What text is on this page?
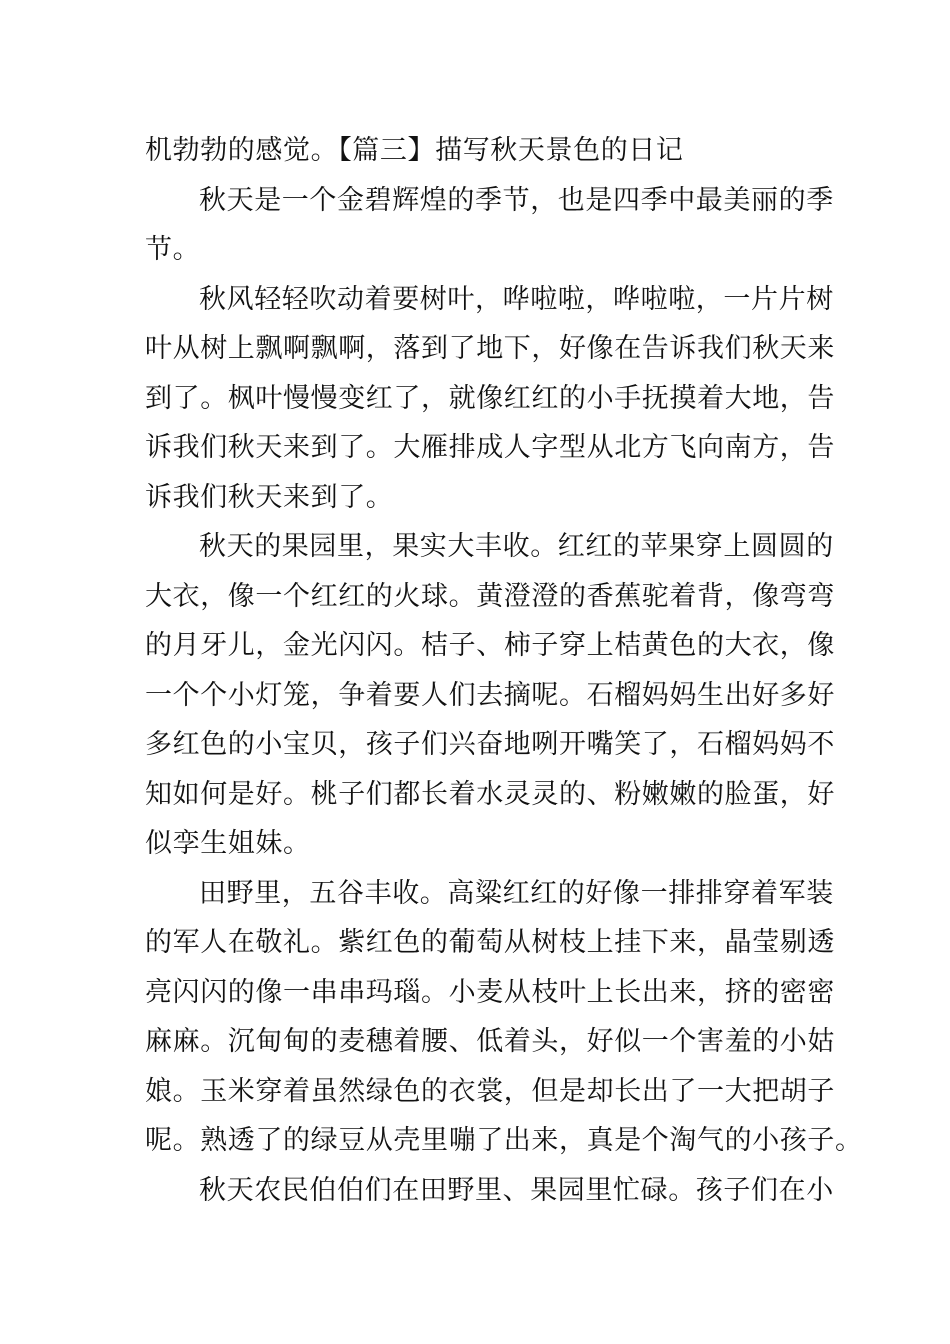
机勃勃的感觉。【篇三】描写秋天景色的日记
秋天是一个金碧辉煌的季节，也是四季中最美丽的季
节。
秋风轻轻吹动着要树叶，哗啦啦，哗啦啦，一片片树
叶从树上飘啊飘啊，落到了地下，好像在告诉我们秋天来
到了。枫叶慢慢变红了，就像红红的小手抚摸着大地，告
诉我们秋天来到了。大雁排成人字型从北方飞向南方，告
诉我们秋天来到了。
秋天的果园里，果实大丰收。红红的苹果穿上圆圆的
大衣，像一个红红的火球。黄澄澄的香蕉驼着背，像弯弯
的月牙儿，金光闪闪。桔子、柿子穿上桔黄色的大衣，像
一个个小灯笼，争着要人们去摘呢。石榴妈妈生出好多好
多红色的小宝贝，孩子们兴奋地咧开嘴笑了，石榴妈妈不
知如何是好。桃子们都长着水灵灵的、粉嫩嫩的脸蛋，好
似孪生姐妹。
田野里，五谷丰收。高粱红红的好像一排排穿着军装
的军人在敬礼。紫红色的葡萄从树枝上挂下来，晶莹剔透
亮闪闪的像一串串玛瑙。小麦从枝叶上长出来，挤的密密
麻麻。沉甸甸的麦穗着腰、低着头，好似一个害羞的小姑
娘。玉米穿着虽然绿色的衣裳，但是却长出了一大把胡子
呢。熟透了的绿豆从壳里嘣了出来，真是个淘气的小孩子。
秋天农民伯伯们在田野里、果园里忙碌。孩子们在小
